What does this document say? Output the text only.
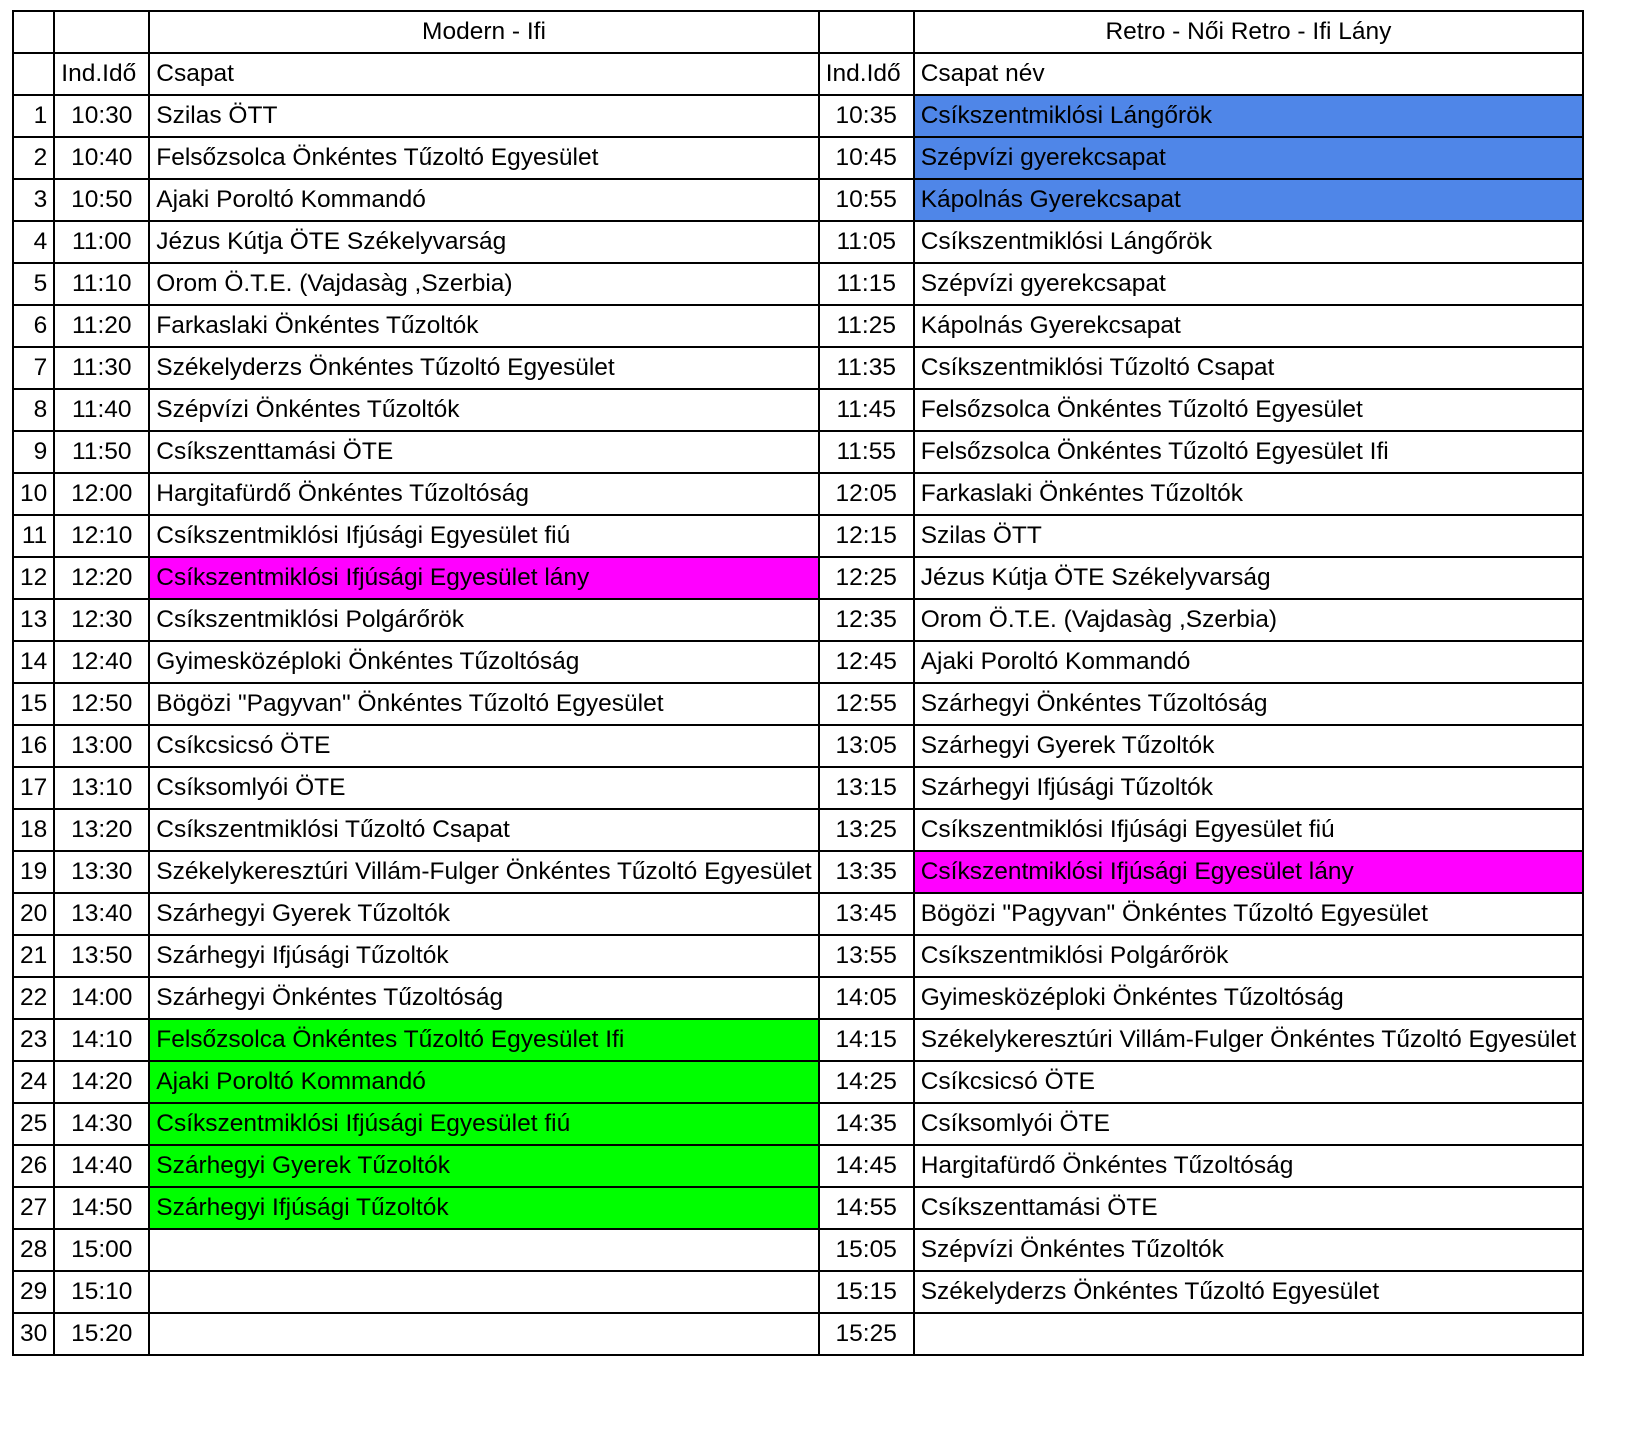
		Modern - Ifi		Retro - Női Retro - Ifi Lány
	Ind.Idő	Csapat	Ind.Idő	Csapat név
1	10:30	Szilas ÖTT	10:35	Csíkszentmiklósi Lángőrök
2	10:40	Felsőzsolca Önkéntes Tűzoltó Egyesület	10:45	Szépvízi gyerekcsapat
3	10:50	Ajaki Poroltó Kommandó	10:55	Kápolnás Gyerekcsapat
4	11:00	Jézus Kútja ÖTE Székelyvarság	11:05	Csíkszentmiklósi Lángőrök
5	11:10	Orom Ö.T.E. (Vajdasàg ,Szerbia)	11:15	Szépvízi gyerekcsapat
6	11:20	Farkaslaki Önkéntes Tűzoltók	11:25	Kápolnás Gyerekcsapat
7	11:30	Székelyderzs Önkéntes Tűzoltó Egyesület	11:35	Csíkszentmiklósi Tűzoltó Csapat
8	11:40	Szépvízi Önkéntes Tűzoltók	11:45	Felsőzsolca Önkéntes Tűzoltó Egyesület
9	11:50	Csíkszenttamási ÖTE	11:55	Felsőzsolca Önkéntes Tűzoltó Egyesület Ifi
10	12:00	Hargitafürdő Önkéntes Tűzoltóság	12:05	Farkaslaki Önkéntes Tűzoltók
11	12:10	Csíkszentmiklósi Ifjúsági Egyesület fiú	12:15	Szilas ÖTT
12	12:20	Csíkszentmiklósi Ifjúsági Egyesület lány	12:25	Jézus Kútja ÖTE Székelyvarság
13	12:30	Csíkszentmiklósi Polgárőrök	12:35	Orom Ö.T.E. (Vajdasàg ,Szerbia)
14	12:40	Gyimesközéploki Önkéntes Tűzoltóság	12:45	Ajaki Poroltó Kommandó
15	12:50	Bögözi "Pagyvan" Önkéntes Tűzoltó Egyesület	12:55	Szárhegyi Önkéntes Tűzoltóság
16	13:00	Csíkcsicsó ÖTE	13:05	Szárhegyi Gyerek Tűzoltók
17	13:10	Csíksomlyói ÖTE	13:15	Szárhegyi Ifjúsági Tűzoltók
18	13:20	Csíkszentmiklósi Tűzoltó Csapat	13:25	Csíkszentmiklósi Ifjúsági Egyesület fiú
19	13:30	Székelykeresztúri Villám-Fulger Önkéntes Tűzoltó Egyesület	13:35	Csíkszentmiklósi Ifjúsági Egyesület lány
20	13:40	Szárhegyi Gyerek Tűzoltók	13:45	Bögözi "Pagyvan" Önkéntes Tűzoltó Egyesület
21	13:50	Szárhegyi Ifjúsági Tűzoltók	13:55	Csíkszentmiklósi Polgárőrök
22	14:00	Szárhegyi Önkéntes Tűzoltóság	14:05	Gyimesközéploki Önkéntes Tűzoltóság
23	14:10	Felsőzsolca Önkéntes Tűzoltó Egyesület Ifi	14:15	Székelykeresztúri Villám-Fulger Önkéntes Tűzoltó Egyesület
24	14:20	Ajaki Poroltó Kommandó	14:25	Csíkcsicsó ÖTE
25	14:30	Csíkszentmiklósi Ifjúsági Egyesület fiú	14:35	Csíksomlyói ÖTE
26	14:40	Szárhegyi Gyerek Tűzoltók	14:45	Hargitafürdő Önkéntes Tűzoltóság
27	14:50	Szárhegyi Ifjúsági Tűzoltók	14:55	Csíkszenttamási ÖTE
28	15:00		15:05	Szépvízi Önkéntes Tűzoltók
29	15:10		15:15	Székelyderzs Önkéntes Tűzoltó Egyesület
30	15:20		15:25	
